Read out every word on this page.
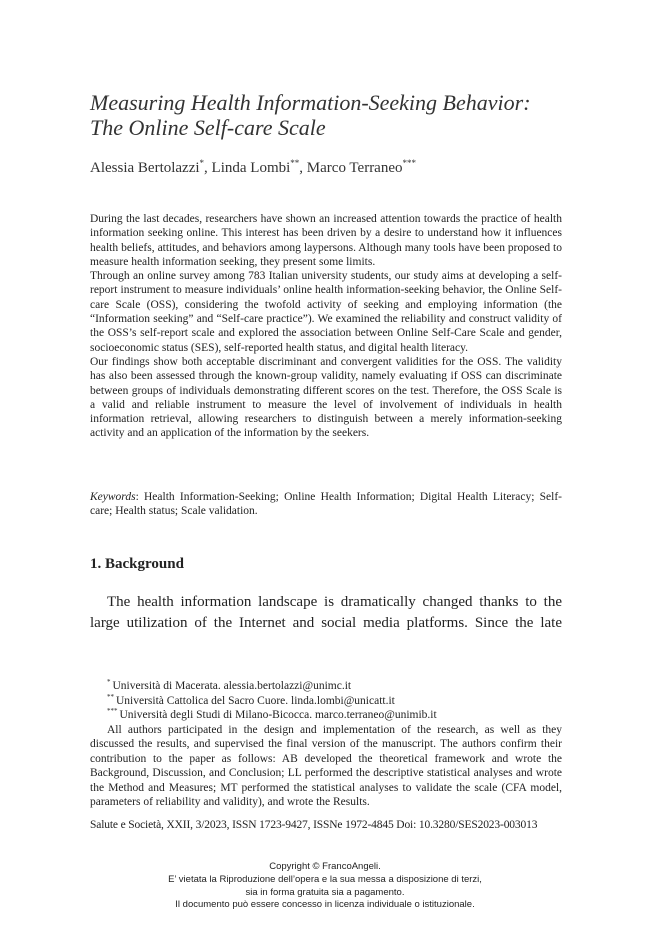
Measuring Health Information-Seeking Behavior:
The Online Self-care Scale
Alessia Bertolazzi*, Linda Lombi**, Marco Terraneo***

During the last decades, researchers have shown an increased attention towards the practice of health information seeking online. This interest has been driven by a desire to understand how it influences health beliefs, attitudes, and behaviors among laypersons. Although many tools have been proposed to measure health information seeking, they present some limits.

Through an online survey among 783 Italian university students, our study aims at developing a self-report instrument to measure individuals’ online health information-seeking behavior, the Online Self-care Scale (OSS), considering the twofold activity of seeking and employing information (the “Information seeking” and “Self-care practice”). We examined the reliability and construct validity of the OSS’s self-report scale and explored the association between Online Self-Care Scale and gender, socioeconomic status (SES), self-reported health status, and digital health literacy.

Our findings show both acceptable discriminant and convergent validities for the OSS. The validity has also been assessed through the known-group validity, namely evaluating if OSS can discriminate between groups of individuals demonstrating different scores on the test. Therefore, the OSS Scale is a valid and reliable instrument to measure the level of involvement of individuals in health information retrieval, allowing researchers to distinguish between a merely information-seeking activity and an application of the information by the seekers.

Keywords: Health Information-Seeking; Online Health Information; Digital Health Literacy; Self-care; Health status; Scale validation.
1. Background
The health information landscape is dramatically changed thanks to the large utilization of the Internet and social media platforms. Since the late
* Università di Macerata. alessia.bertolazzi@unimc.it
** Università Cattolica del Sacro Cuore. linda.lombi@unicatt.it
*** Università degli Studi di Milano-Bicocca. marco.terraneo@unimib.it

All authors participated in the design and implementation of the research, as well as they discussed the results, and supervised the final version of the manuscript. The authors confirm their contribution to the paper as follows: AB developed the theoretical framework and wrote the Background, Discussion, and Conclusion; LL performed the descriptive statistical analyses and wrote the Method and Measures; MT performed the statistical analyses to validate the scale (CFA model, parameters of reliability and validity), and wrote the Results.

Salute e Società, XXII, 3/2023, ISSN 1723-9427, ISSNe 1972-4845 Doi: 10.3280/SES2023-003013
Copyright © FrancoAngeli.
E’ vietata la Riproduzione dell’opera e la sua messa a disposizione di terzi,
sia in forma gratuita sia a pagamento.
Il documento può essere concesso in licenza individuale o istituzionale.
